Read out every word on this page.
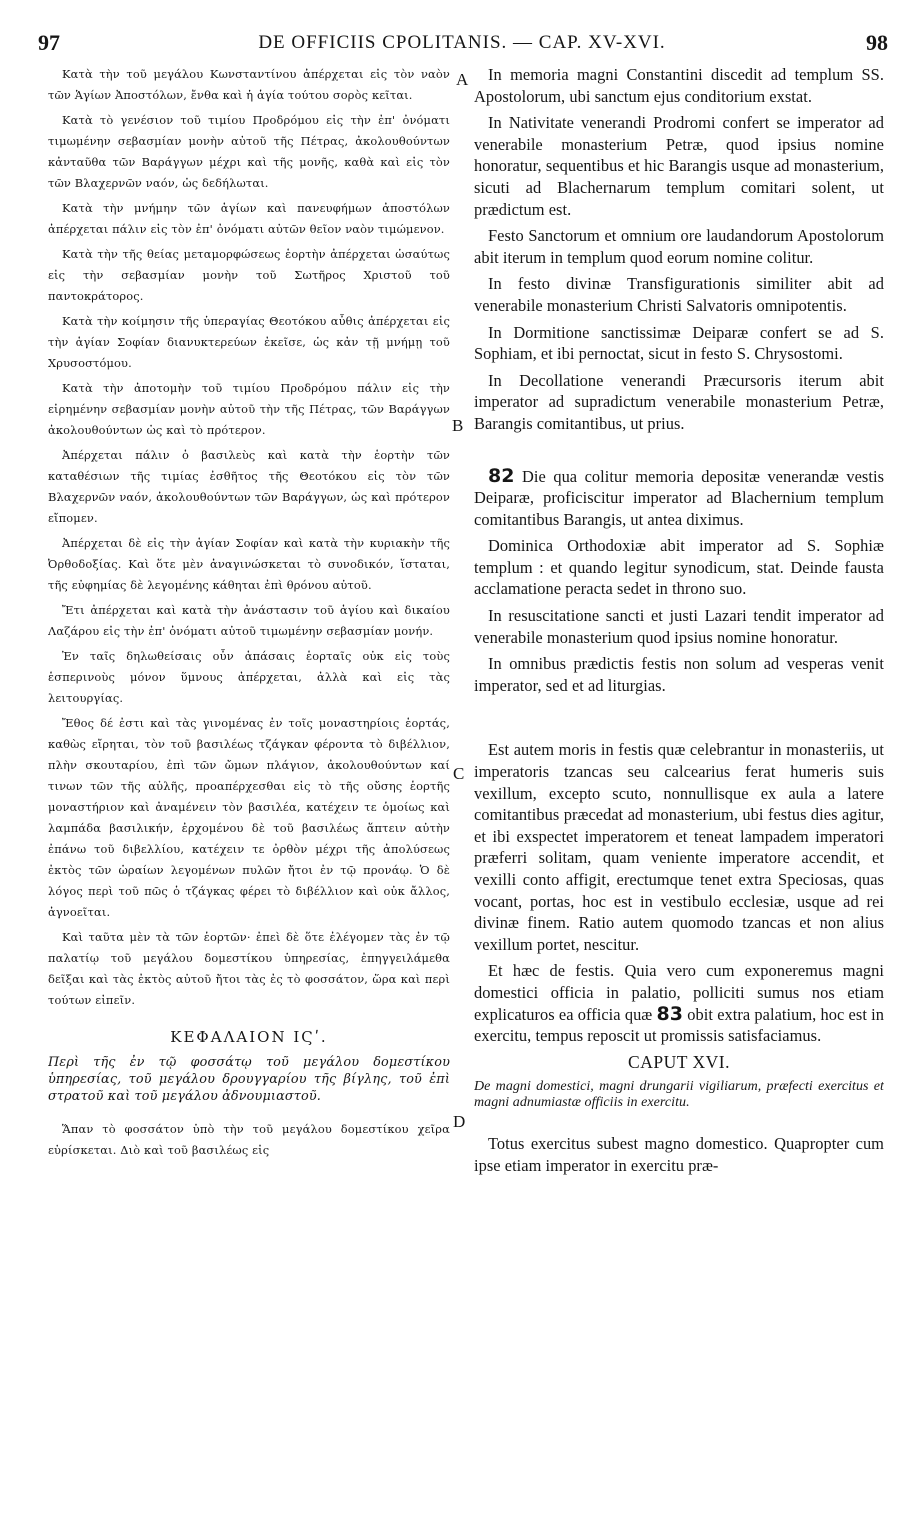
97	DE OFFICIIS CPOLITANIS. — CAP. XV-XVI.	98
A
B
C
D

Κατὰ τὴν τοῦ μεγάλου Κωνσταντίνου ἀπέρχεται εἰς τὸν ναὸν τῶν Ἁγίων Ἀποστόλων, ἔνθα καὶ ἡ ἁγία τούτου σορὸς κεῖται.

Κατὰ τὸ γενέσιον τοῦ τιμίου Προδρόμου εἰς τὴν ἐπ' ὀνόματι τιμωμένην σεβασμίαν μονὴν αὐτοῦ τῆς Πέτρας, ἀκολουθούντων κἀνταῦθα τῶν Βαράγγων μέχρι καὶ τῆς μονῆς, καθὰ καὶ εἰς τὸν τῶν Βλαχερνῶν ναόν, ὡς δεδήλωται.

Κατὰ τὴν μνήμην τῶν ἁγίων καὶ πανευφήμων ἀποστόλων ἀπέρχεται πάλιν εἰς τὸν ἐπ' ὀνόματι αὐτῶν θεῖον ναὸν τιμώμενον.

Κατὰ τὴν τῆς θείας μεταμορφώσεως ἑορτὴν ἀπέρχεται ὡσαύτως εἰς τὴν σεβασμίαν μονὴν τοῦ Σωτῆρος Χριστοῦ τοῦ παντοκράτορος.

Κατὰ τὴν κοίμησιν τῆς ὑπεραγίας Θεοτόκου αὖθις ἀπέρχεται εἰς τὴν ἁγίαν Σοφίαν διανυκτερεύων ἐκεῖσε, ὡς κἀν τῇ μνήμῃ τοῦ Χρυσοστόμου.

Κατὰ τὴν ἀποτομὴν τοῦ τιμίου Προδρόμου πάλιν εἰς τὴν εἰρημένην σεβασμίαν μονὴν αὐτοῦ τὴν τῆς Πέτρας, τῶν Βαράγγων ἀκολουθούντων ὡς καὶ τὸ πρότερον.

Ἀπέρχεται πάλιν ὁ βασιλεὺς καὶ κατὰ τὴν ἑορτὴν τῶν καταθέσιων τῆς τιμίας ἐσθῆτος τῆς Θεοτόκου εἰς τὸν τῶν Βλαχερνῶν ναόν, ἀκολουθούντων τῶν Βαράγγων, ὡς καὶ πρότερον εἴπομεν.

Ἀπέρχεται δὲ εἰς τὴν ἁγίαν Σοφίαν καὶ κατὰ τὴν κυριακὴν τῆς Ὀρθοδοξίας. Καὶ ὅτε μὲν ἀναγινώσκεται τὸ συνοδικόν, ἵσταται, τῆς εὐφημίας δὲ λεγομένης κάθηται ἐπὶ θρόνου αὐτοῦ.

Ἔτι ἀπέρχεται καὶ κατὰ τὴν ἀνάστασιν τοῦ ἁγίου καὶ δικαίου Λαζάρου εἰς τὴν ἐπ' ὀνόματι αὐτοῦ τιμωμένην σεβασμίαν μονήν.

Ἐν ταῖς δηλωθείσαις οὖν ἁπάσαις ἑορταῖς οὐκ εἰς τοὺς ἑσπερινοὺς μόνον ὕμνους ἀπέρχεται, ἀλλὰ καὶ εἰς τὰς λειτουργίας.

Ἔθος δέ ἐστι καὶ τὰς γινομένας ἐν τοῖς μοναστηρίοις ἑορτάς, καθὼς εἴρηται, τὸν τοῦ βασιλέως τζάγκαν φέροντα τὸ διβέλλιον, πλὴν σκουταρίου, ἐπὶ τῶν ὤμων πλάγιον, ἀκολουθούντων καί τινων τῶν τῆς αὐλῆς, προαπέρχεσθαι εἰς τὸ τῆς οὔσης ἑορτῆς μοναστήριον καὶ ἀναμένειν τὸν βασιλέα, κατέχειν τε ὁμοίως καὶ λαμπάδα βασιλικήν, ἐρχομένου δὲ τοῦ βασιλέως ἅπτειν αὐτὴν ἐπάνω τοῦ διβελλίου, κατέχειν τε ὀρθὸν μέχρι τῆς ἀπολύσεως ἐκτὸς τῶν ὡραίων λεγομένων πυλῶν ἤτοι ἐν τῷ προνάῳ. Ὁ δὲ λόγος περὶ τοῦ πῶς ὁ τζάγκας φέρει τὸ διβέλλιον καὶ οὐκ ἄλλος, ἀγνοεῖται.

Καὶ ταῦτα μὲν τὰ τῶν ἑορτῶν· ἐπεὶ δὲ ὅτε ἐλέγομεν τὰς ἐν τῷ παλατίῳ τοῦ μεγάλου δομεστίκου ὑπηρεσίας, ἐπηγγειλάμεθα δεῖξαι καὶ τὰς ἐκτὸς αὐτοῦ ἤτοι τὰς ἐς τὸ φοσσάτον, ὥρα καὶ περὶ τούτων εἰπεῖν.

ΚΕΦΑΛΑΙΟΝ ΙϚʹ.
Περὶ τῆς ἐν τῷ φοσσάτῳ τοῦ μεγάλου δομεστίκου ὑπηρεσίας, τοῦ μεγάλου δρουγγαρίου τῆς βίγλης, τοῦ ἐπὶ στρατοῦ καὶ τοῦ μεγάλου ἀδνουμιαστοῦ.

Ἅπαν τὸ φοσσάτον ὑπὸ τὴν τοῦ μεγάλου δομεστίκου χεῖρα εὑρίσκεται. Διὸ καὶ τοῦ βασιλέως εἰς

In memoria magni Constantini discedit ad templum SS. Apostolorum, ubi sanctum ejus conditorium exstat.

In Nativitate venerandi Prodromi confert se imperator ad venerabile monasterium Petræ, quod ipsius nomine honoratur, sequentibus et hic Barangis usque ad monasterium, sicuti ad Blachernarum templum comitari solent, ut prædictum est.

Festo Sanctorum et omnium ore laudandorum Apostolorum abit iterum in templum quod eorum nomine colitur.

In festo divinæ Transfigurationis similiter abit ad venerabile monasterium Christi Salvatoris omnipotentis.

In Dormitione sanctissimæ Deiparæ confert se ad S. Sophiam, et ibi pernoctat, sicut in festo S. Chrysostomi.

In Decollatione venerandi Præcursoris iterum abit imperator ad supradictum venerabile monasterium Petræ, Barangis comitantibus, ut prius.

82 Die qua colitur memoria depositæ venerandæ vestis Deiparæ, proficiscitur imperator ad Blachernium templum comitantibus Barangis, ut antea diximus.

Dominica Orthodoxiæ abit imperator ad S. Sophiæ templum : et quando legitur synodicum, stat. Deinde fausta acclamatione peracta sedet in throno suo.

In resuscitatione sancti et justi Lazari tendit imperator ad venerabile monasterium quod ipsius nomine honoratur.

In omnibus prædictis festis non solum ad vesperas venit imperator, sed et ad liturgias.

Est autem moris in festis quæ celebrantur in monasteriis, ut imperatoris tzancas seu calcearius ferat humeris suis vexillum, excepto scuto, nonnullisque ex aula a latere comitantibus præcedat ad monasterium, ubi festus dies agitur, et ibi exspectet imperatorem et teneat lampadem imperatori præferri solitam, quam veniente imperatore accendit, et vexilli conto affigit, erectumque tenet extra Speciosas, quas vocant, portas, hoc est in vestibulo ecclesiæ, usque ad rei divinæ finem. Ratio autem quomodo tzancas et non alius vexillum portet, nescitur.

Et hæc de festis. Quia vero cum exponeremus magni domestici officia in palatio, polliciti sumus nos etiam explicaturos ea officia quæ 83 obit extra palatium, hoc est in exercitu, tempus reposcit ut promissis satisfaciamus.

CAPUT XVI.
De magni domestici, magni drungarii vigiliarum, præfecti exercitus et magni adnumiastæ officiis in exercitu.

Totus exercitus subest magno domestico. Quapropter cum ipse etiam imperator in exercitu præ-
